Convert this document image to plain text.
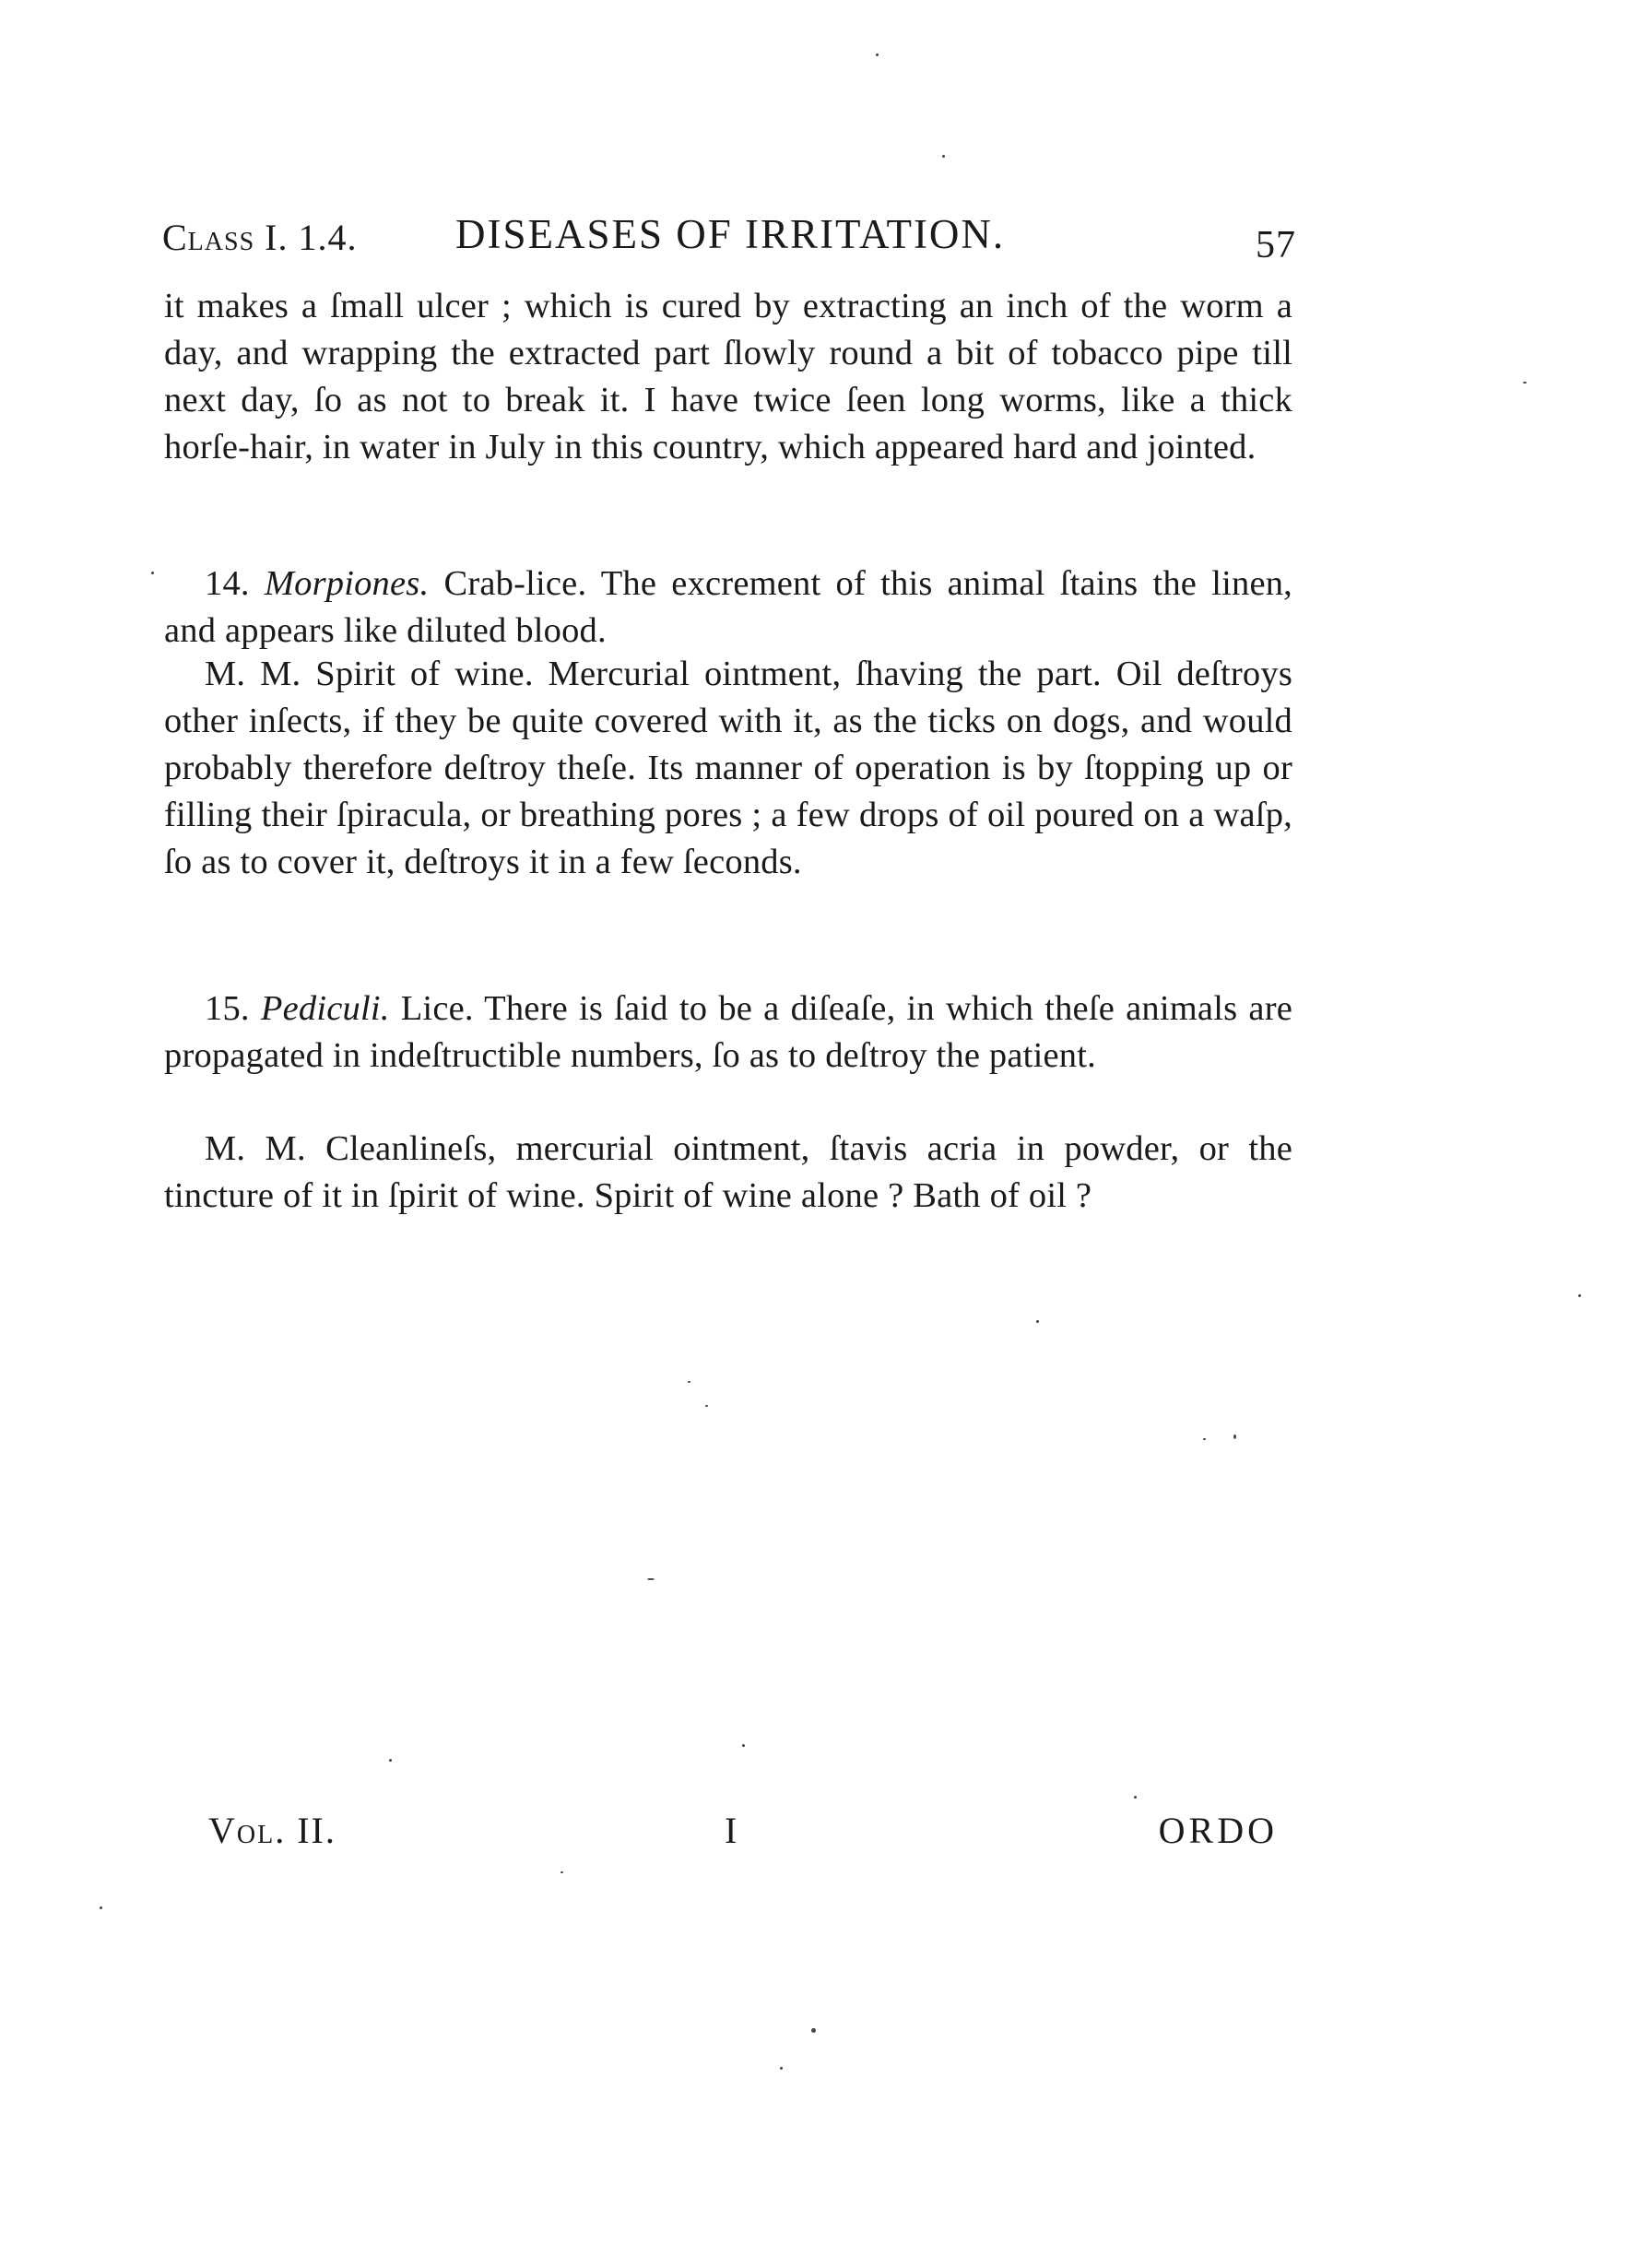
Class I. 1.4. DISEASES OF IRRITATION.	57

it makes a ſmall ulcer ; which is cured by extracting an inch of the worm a day, and wrapping the extracted part ſlowly round a bit of tobacco pipe till next day, ſo as not to break it. I have twice ſeen long worms, like a thick horſe-hair, in water in July in this country, which appeared hard and jointed.

14. Morpiones. Crab-lice. The excrement of this animal ſtains the linen, and appears like diluted blood.

M. M. Spirit of wine. Mercurial ointment, ſhaving the part. Oil deſtroys other inſects, if they be quite covered with it, as the ticks on dogs, and would probably therefore deſtroy theſe. Its manner of operation is by ſtopping up or filling their ſpiracula, or breathing pores ; a few drops of oil poured on a waſp, ſo as to cover it, deſtroys it in a few ſeconds.

15. Pediculi. Lice. There is ſaid to be a diſeaſe, in which theſe animals are propagated in indeſtructible numbers, ſo as to deſtroy the patient.

M. M. Cleanlineſs, mercurial ointment, ſtavis acria in powder, or the tincture of it in ſpirit of wine. Spirit of wine alone ? Bath of oil ?

Vol. II.	I	ORDO
